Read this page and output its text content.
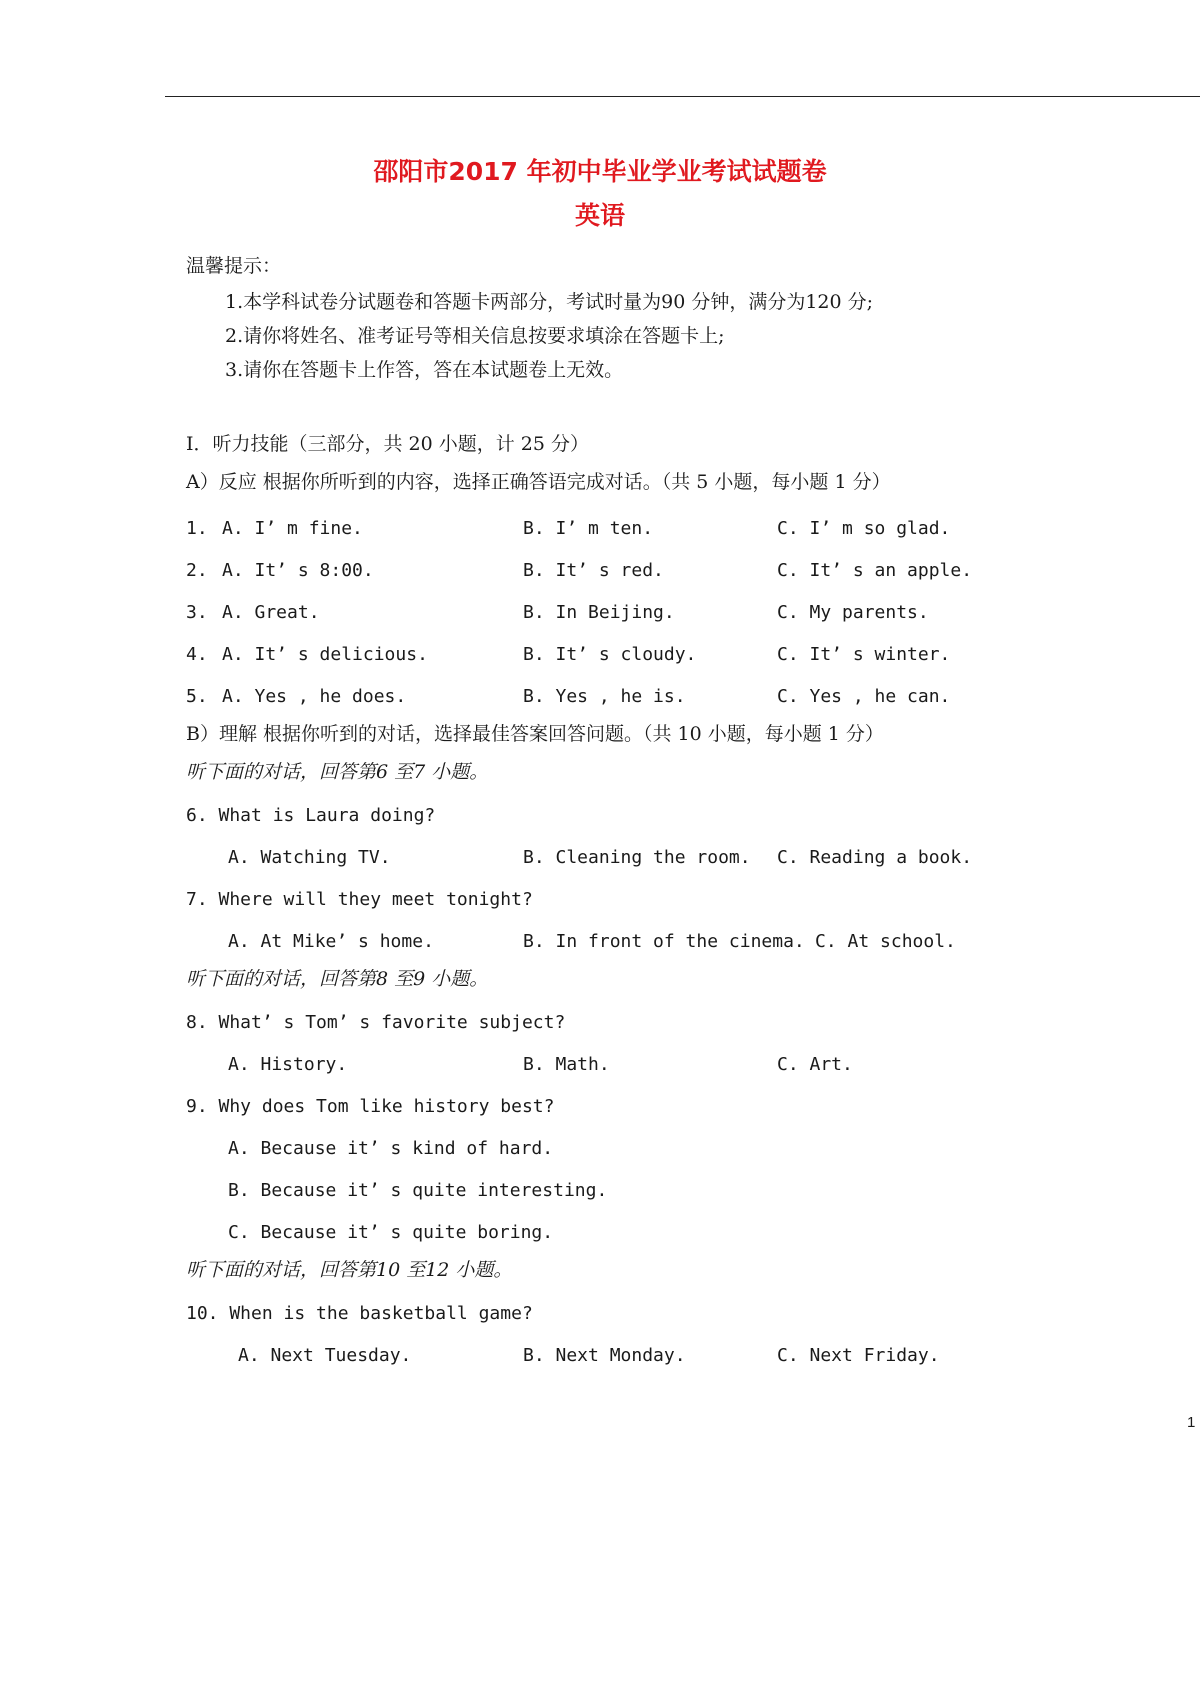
邵阳市2017 年初中毕业学业考试试题卷
英语
温馨提示：
1.本学科试卷分试题卷和答题卡两部分，考试时量为90 分钟，满分为120 分;
2.请你将姓名、准考证号等相关信息按要求填涂在答题卡上;
3.请你在答题卡上作答，答在本试题卷上无效。
Ⅰ．听力技能（三部分，共 20 小题，计 25 分）
A）反应 根据你所听到的内容，选择正确答语完成对话。（共 5 小题，每小题 1 分）
1. A. I’ m fine.	B. I’ m ten.	C. I’ m so glad.
2. A. It’ s 8:00.	B. It’ s red.	C. It’ s an apple.
3. A. Great.	B. In Beijing.	C. My parents.
4. A. It’ s delicious.	B. It’ s cloudy.	C. It’ s winter.
5. A. Yes , he does.	B. Yes , he is.	C. Yes , he can.
B）理解 根据你听到的对话，选择最佳答案回答问题。（共 10 小题，每小题 1 分）
听下面的对话，回答第6 至7 小题。
6. What is Laura doing?
A. Watching TV.	B. Cleaning the room. C. Reading a book.
7. Where will they meet tonight?
A. At Mike’ s home.	B. In front of the cinema. C. At school.
听下面的对话，回答第8 至9 小题。
8. What’ s Tom’ s favorite subject?
A. History.	B. Math.	C. Art.
9. Why does Tom like history best?
A. Because it’ s kind of hard.
B. Because it’ s quite interesting.
C. Because it’ s quite boring.
听下面的对话，回答第10 至12 小题。
10. When is the basketball game?
A. Next Tuesday.	B. Next Monday.	C. Next Friday.
1
